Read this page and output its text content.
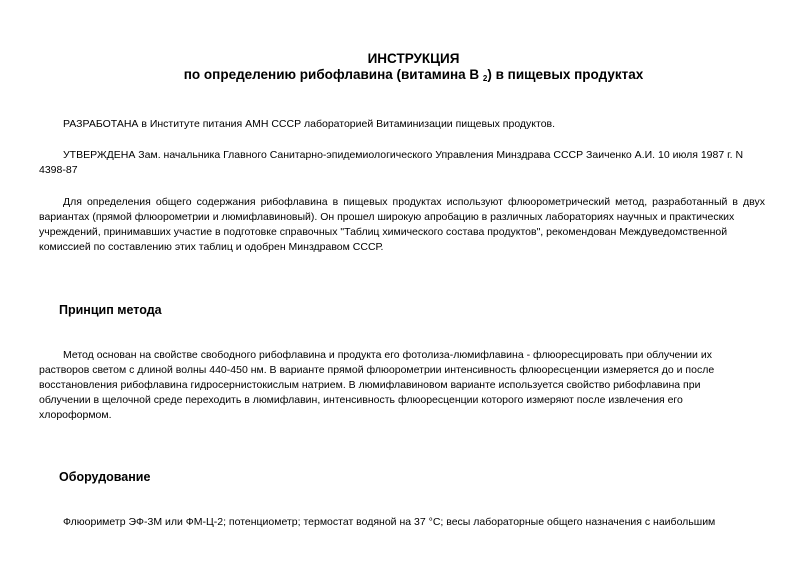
ИНСТРУКЦИЯ
по определению рибофлавина (витамина B $_2$) в пищевых продуктах
РАЗРАБОТАНА в Институте питания АМН СССР лабораторией Витаминизации пищевых продуктов.
УТВЕРЖДЕНА Зам. начальника Главного Санитарно-эпидемиологического Управления Минздрава СССР Заиченко А.И. 10 июля 1987 г. N
4398-87
Для определения общего содержания рибофлавина в пищевых продуктах используют флюорометрический метод, разработанный в двух
вариантах (прямой флюорометрии и люмифлавиновый). Он прошел широкую апробацию в различных лабораториях научных и практических
учреждений, принимавших участие в подготовке справочных "Таблиц химического состава продуктов", рекомендован Междуведомственной
комиссией по составлению этих таблиц и одобрен Минздравом СССР.
Принцип метода
Метод основан на свойстве свободного рибофлавина и продукта его фотолиза-люмифлавина - флюоресцировать при облучении их
растворов светом с длиной волны 440-450 нм. В варианте прямой флюорометрии интенсивность флюоресценции измеряется до и после
восстановления рибофлавина гидросернистокислым натрием. В люмифлавиновом варианте используется свойство рибофлавина при
облучении в щелочной среде переходить в люмифлавин, интенсивность флюоресценции которого измеряют после извлечения его
хлороформом.
Оборудование
Флюориметр ЭФ-3М или ФМ-Ц-2; потенциометр; термостат водяной на 37 °С; весы лабораторные общего назначения с наибольшим
